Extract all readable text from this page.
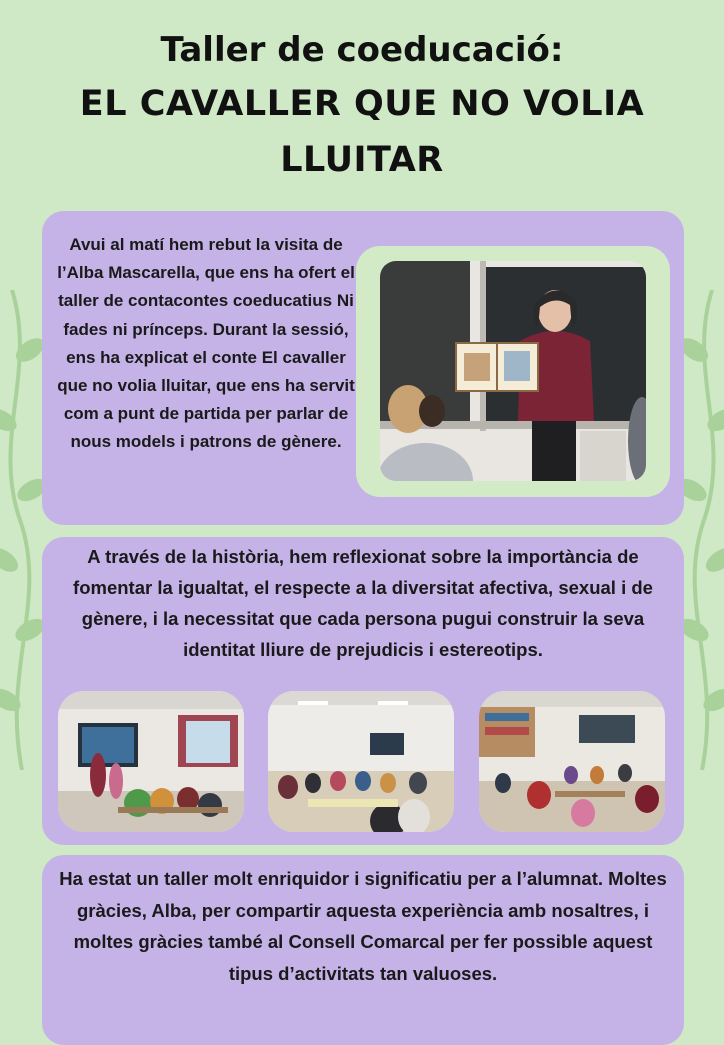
Taller de coeducació:
EL CAVALLER QUE NO VOLIA
LLUITAR
Avui al matí hem rebut la visita de l’Alba Mascarella, que ens ha ofert el taller de contacontes coeducatius Ni fades ni prínceps. Durant la sessió, ens ha explicat el conte El cavaller que no volia lluitar, que ens ha servit com a punt de partida per parlar de nous models i patrons de gènere.
A través de la història, hem reflexionat sobre la importància de fomentar la igualtat, el respecte a la diversitat afectiva, sexual i de gènere, i la necessitat que cada persona pugui construir la seva identitat lliure de prejudicis i estereotips.
Ha estat un taller molt enriquidor i significatiu per a l’alumnat. Moltes gràcies, Alba, per compartir aquesta experiència amb nosaltres, i moltes gràcies també al Consell Comarcal per fer possible aquest tipus d’activitats tan valuoses.
